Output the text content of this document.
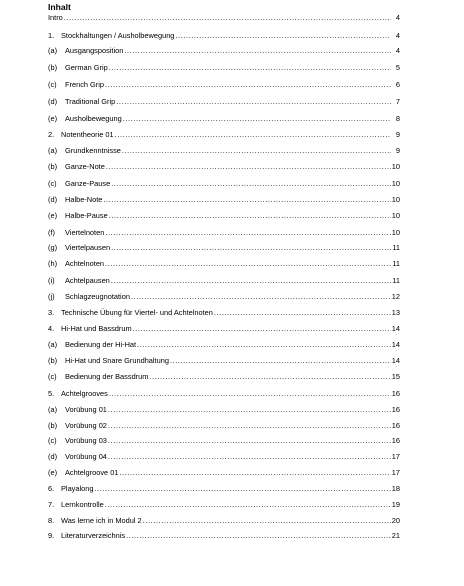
Inhalt
Intro .....	4
1. Stockhaltungen / Ausholbewegung .....	4
(a)	Ausgangsposition .....	4
(b)	German Grip .....	5
(c)	French Grip .....	6
(d)	Traditional Grip .....	7
(e)	Ausholbewegung .....	8
2. Notentheorie 01 .....	9
(a)	Grundkenntnisse .....	9
(b)	Ganze-Note .....	10
(c)	Ganze-Pause .....	10
(d)	Halbe-Note .....	10
(e)	Halbe-Pause .....	10
(f)	Viertelnoten .....	10
(g)	Viertelpausen .....	11
(h)	Achtelnoten .....	11
(i)	Achtelpausen .....	11
(j)	Schlagzeugnotation .....	12
3. Technische Übung für Viertel- und Achtelnoten .....	13
4. Hi-Hat und Bassdrum .....	14
(a)	Bedienung der Hi-Hat .....	14
(b)	Hi-Hat und Snare Grundhaltung .....	14
(c)	Bedienung der Bassdrum .....	15
5. Achtelgrooves .....	16
(a)	Vorübung 01 .....	16
(b)	Vorübung 02 .....	16
(c)	Vorübung 03 .....	16
(d)	Vorübung 04 .....	17
(e)	Achtelgroove 01 .....	17
6. Playalong .....	18
7. Lernkontrolle .....	19
8. Was lerne ich in Modul 2 .....	20
9. Literaturverzeichnis .....	21
